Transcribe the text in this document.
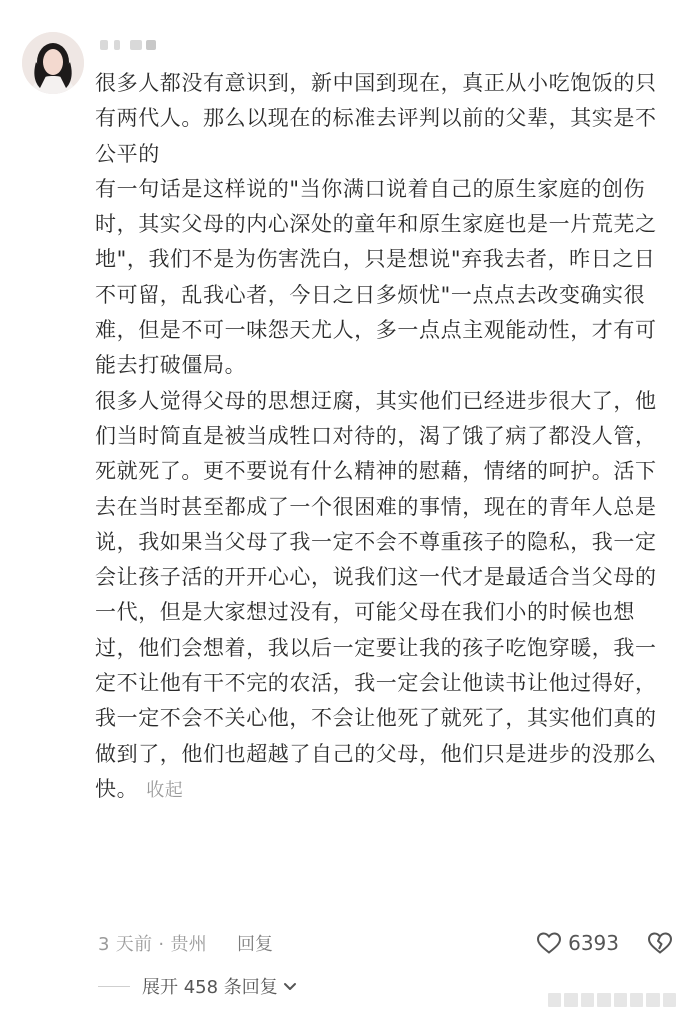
很多人都没有意识到，新中国到现在，真正从小吃饱饭的只有两代人。那么以现在的标准去评判以前的父辈，其实是不公平的

有一句话是这样说的"当你满口说着自己的原生家庭的创伤时，其实父母的内心深处的童年和原生家庭也是一片荒芜之地"，我们不是为伤害洗白，只是想说"弃我去者，昨日之日不可留，乱我心者，今日之日多烦忧"一点点去改变确实很难，但是不可一味怨天尤人，多一点点主观能动性，才有可能去打破僵局。

很多人觉得父母的思想迂腐，其实他们已经进步很大了，他们当时简直是被当成牲口对待的，渴了饿了病了都没人管，死就死了。更不要说有什么精神的慰藉，情绪的呵护。活下去在当时甚至都成了一个很困难的事情，现在的青年人总是说，我如果当父母了我一定不会不尊重孩子的隐私，我一定会让孩子活的开开心心，说我们这一代才是最适合当父母的一代，但是大家想过没有，可能父母在我们小的时候也想过，他们会想着，我以后一定要让我的孩子吃饱穿暖，我一定不让他有干不完的农活，我一定会让他读书让他过得好，我一定不会不关心他，不会让他死了就死了，其实他们真的做到了，他们也超越了自己的父母，他们只是进步的没那么快。 收起

3 天前 · 贵州 回复	6393
展开 458 条回复
